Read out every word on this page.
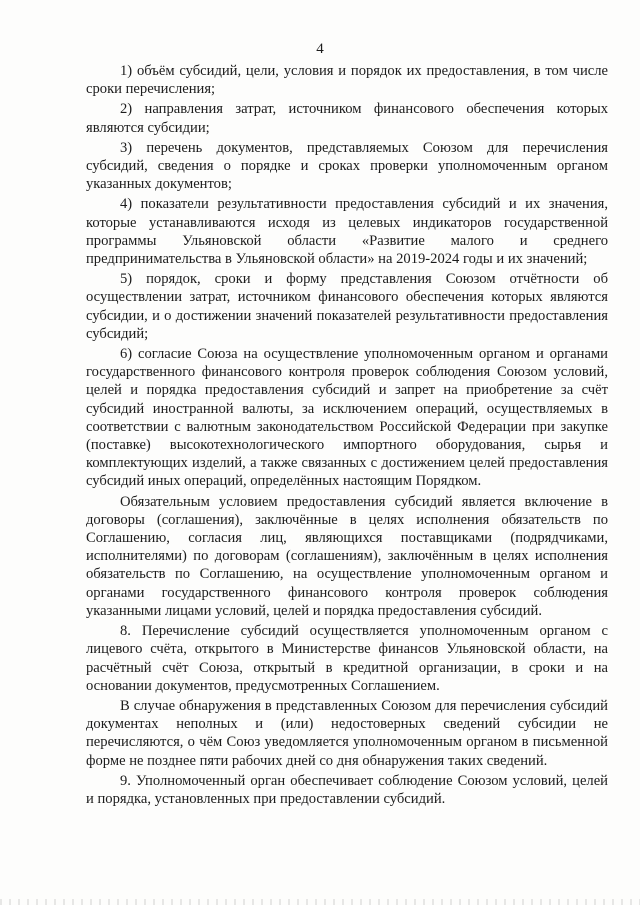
4

1) объём субсидий, цели, условия и порядок их предоставления, в том числе сроки перечисления;

2) направления затрат, источником финансового обеспечения которых являются субсидии;

3) перечень документов, представляемых Союзом для перечисления субсидий, сведения о порядке и сроках проверки уполномоченным органом указанных документов;

4) показатели результативности предоставления субсидий и их значения, которые устанавливаются исходя из целевых индикаторов государственной программы Ульяновской области «Развитие малого и среднего предпринимательства в Ульяновской области» на 2019-2024 годы и их значений;

5) порядок, сроки и форму представления Союзом отчётности об осуществлении затрат, источником финансового обеспечения которых являются субсидии, и о достижении значений показателей результативности предоставления субсидий;

6) согласие Союза на осуществление уполномоченным органом и органами государственного финансового контроля проверок соблюдения Союзом условий, целей и порядка предоставления субсидий и запрет на приобретение за счёт субсидий иностранной валюты, за исключением операций, осуществляемых в соответствии с валютным законодательством Российской Федерации при закупке (поставке) высокотехнологического импортного оборудования, сырья и комплектующих изделий, а также связанных с достижением целей предоставления субсидий иных операций, определённых настоящим Порядком.

Обязательным условием предоставления субсидий является включение в договоры (соглашения), заключённые в целях исполнения обязательств по Соглашению, согласия лиц, являющихся поставщиками (подрядчиками, исполнителями) по договорам (соглашениям), заключённым в целях исполнения обязательств по Соглашению, на осуществление уполномоченным органом и органами государственного финансового контроля проверок соблюдения указанными лицами условий, целей и порядка предоставления субсидий.

8. Перечисление субсидий осуществляется уполномоченным органом с лицевого счёта, открытого в Министерстве финансов Ульяновской области, на расчётный счёт Союза, открытый в кредитной организации, в сроки и на основании документов, предусмотренных Соглашением.

В случае обнаружения в представленных Союзом для перечисления субсидий документах неполных и (или) недостоверных сведений субсидии не перечисляются, о чём Союз уведомляется уполномоченным органом в письменной форме не позднее пяти рабочих дней со дня обнаружения таких сведений.

9. Уполномоченный орган обеспечивает соблюдение Союзом условий, целей и порядка, установленных при предоставлении субсидий.
